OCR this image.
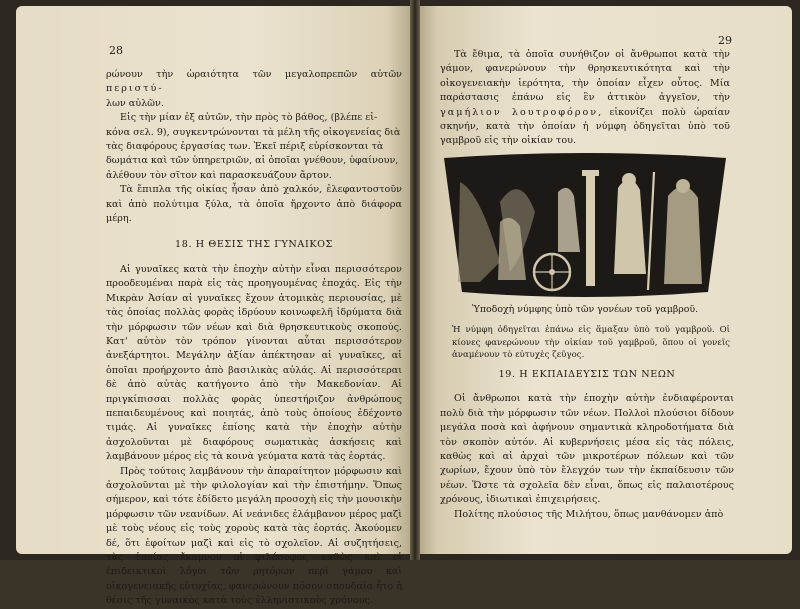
28

ρώνουν τὴν ὡραιότητα τῶν μεγαλοπρεπῶν αὐτῶν περιστύ-

λων αὐλῶν.

Εἰς τὴν μίαν ἐξ αὐτῶν, τὴν πρὸς τὸ βάθος, (βλέπε εἰ-

κόνα σελ. 9), συγκεντρώνονται τὰ μέλη τῆς οἰκογενείας διὰ

τὰς διαφόρους ἐργασίας των. Ἐκεῖ πέριξ εὑρίσκονται τὰ

δωμάτια καὶ τῶν ὑπηρετριῶν, αἱ ὁποῖαι γνέθουν, ὑφαίνουν,

ἀλέθουν τὸν σῖτον καὶ παρασκευάζουν ἄρτον.

Τὰ ἔπιπλα τῆς οἰκίας ἦσαν ἀπὸ χαλκόν, ἐλεφαντοστοῦν καὶ ἀπὸ πολύτιμα ξύλα, τὰ ὁποῖα ἤρχοντο ἀπὸ διάφορα μέρη.

18. Η ΘΕΣΙΣ ΤΗΣ ΓΥΝΑΙΚΟΣ

Αἱ γυναῖκες κατὰ τὴν ἐποχὴν αὐτὴν εἶναι περισσότερον προοδευμέναι παρὰ εἰς τὰς προηγουμένας ἐποχάς. Εἰς τὴν Μικρὰν Ἀσίαν αἱ γυναῖκες ἔχουν ἀτομικὰς περιουσίας, μὲ τὰς ὁποίας πολλὰς φορὰς ἱδρύουν κοινωφελῆ ἱδρύματα διὰ τὴν μόρφωσιν τῶν νέων καὶ διὰ θρησκευτικοὺς σκοπούς. Κατ' αὐτὸν τὸν τρόπον γίνονται αὗται περισσότερον ἀνεξάρτητοι. Μεγάλην ἀξίαν ἀπέκτησαν αἱ γυναῖκες, αἱ ὁποῖαι προήρχοντο ἀπὸ βασιλικὰς αὐλάς. Αἱ περισσότεραι δὲ ἀπὸ αὐτὰς κατήγοντο ἀπὸ τὴν Μακεδονίαν. Αἱ πριγκίπισσαι πολλὰς φορὰς ὑπεστήριζον ἀνθρώπους πεπαιδευμένους καὶ ποιητάς, ἀπὸ τοὺς ὁποίους ἐδέχοντο τιμάς. Αἱ γυναῖκες ἐπίσης κατὰ τὴν ἐποχὴν αὐτὴν ἀσχολοῦνται μὲ διαφόρους σωματικὰς ἀσκήσεις καὶ λαμβάνουν μέρος εἰς τὰ κοινὰ γεύματα κατὰ τὰς ἑορτάς.

Πρὸς τούτοις λαμβάνουν τὴν ἀπαραίτητον μόρφωσιν καὶ ἀσχολοῦνται μὲ τὴν φιλολογίαν καὶ τὴν ἐπιστήμην. Ὅπως σήμερον, καὶ τότε ἐδίδετο μεγάλη προσοχὴ εἰς τὴν μουσικὴν μόρφωσιν τῶν νεανίδων. Αἱ νεάνιδες ἐλάμβανον μέρος μαζὶ μὲ τοὺς νέους εἰς τοὺς χοροὺς κατὰ τὰς ἑορτάς. Ἀκούομεν δέ, ὅτι ἐφοίτων μαζὶ καὶ εἰς τὸ σχολεῖον. Αἱ συζητήσεις, τὰς ὁποίας ἔκαμνον οἱ φιλόσοφοι, καθὼς καὶ οἱ ἐπιδεικτικοὶ λόγοι τῶν ρητόρων περὶ γάμου καὶ οἰκογενειακῆς εὐτυχίας, φανερώνουν πόσον σπουδαία ἦτο ἡ θέσις τῆς γυναικὸς κατὰ τοὺς ἑλληνιστικοὺς χρόνους.

29

Τὰ ἔθιμα, τὰ ὁποῖα συνήθιζον οἱ ἄνθρωποι κατὰ τὴν γάμον, φανερώνουν τὴν θρησκευτικότητα καὶ τὴν οἰκογενειακὴν ἱερότητα, τὴν ὁποίαν εἶχεν οὗτος. Μία παράστασις ἐπάνω εἰς ἓν ἀττικὸν ἀγγεῖον, τὴν γαμήλιον λουτροφόρον, εἰκονίζει πολὺ ὡραίαν σκηνήν, κατὰ τὴν ὁποίαν ἡ νύμφη ὁδηγεῖται ὑπὸ τοῦ γαμβροῦ εἰς τὴν οἰκίαν του.

Ὑποδοχὴ νύμφης ὑπὸ τῶν γονέων τοῦ γαμβροῦ.
Ἡ νύμφη ὁδηγεῖται ἐπάνω εἰς ἅμαξαν ὑπὸ τοῦ γαμβροῦ. Οἱ κίονες φανερώνουν τὴν οἰκίαν τοῦ γαμβροῦ, ὅπου οἱ γονεῖς ἀναμένουν τὸ εὐτυχὲς ζεῦγος.
19. Η ΕΚΠΑΙΔΕΥΣΙΣ ΤΩΝ ΝΕΩΝ

Οἱ ἄνθρωποι κατὰ τὴν ἐποχὴν αὐτὴν ἐνδιαφέρονται πολὺ διὰ τὴν μόρφωσιν τῶν νέων. Πολλοὶ πλούσιοι δίδουν μεγάλα ποσὰ καὶ ἀφήνουν σημαντικὰ κληροδοτήματα διὰ τὸν σκοπὸν αὐτόν. Αἱ κυβερνήσεις μέσα εἰς τὰς πόλεις, καθὼς καὶ αἱ ἀρχαὶ τῶν μικροτέρων πόλεων καὶ τῶν χωρίων, ἔχουν ὑπὸ τὸν ἔλεγχόν των τὴν ἐκπαίδευσιν τῶν νέων. Ὥστε τὰ σχολεῖα δὲν εἶναι, ὅπως εἰς παλαιοτέρους χρόνους, ἰδιωτικαὶ ἐπιχειρήσεις.

Πολίτης πλούσιος τῆς Μιλήτου, ὅπως μανθάνομεν ἀπὸ
